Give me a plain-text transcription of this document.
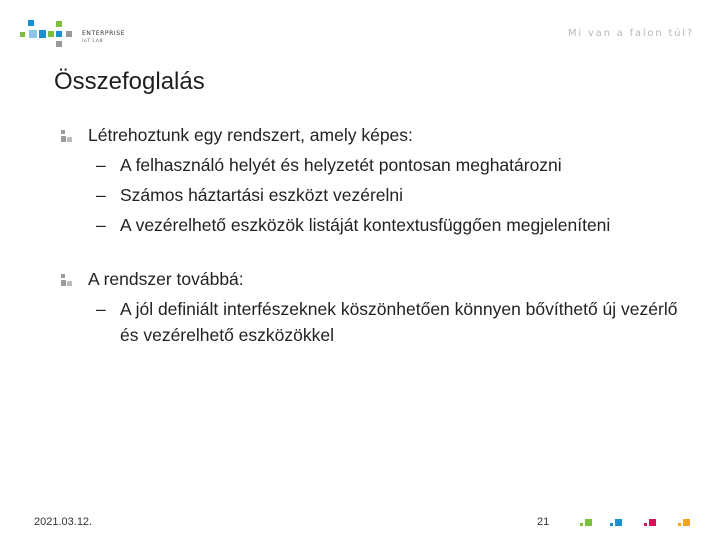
ENTERPRISE
IoT LAB
Mi van a falon túl?
Összefoglalás
Létrehoztunk egy rendszert, amely képes:
– A felhasználó helyét és helyzetét pontosan meghatározni
– Számos háztartási eszközt vezérelni
– A vezérelhető eszközök listáját kontextusfüggően megjeleníteni
A rendszer továbbá:
– A jól definiált interfészeknek köszönhetően könnyen bővíthető új vezérlő és vezérelhető eszközökkel
2021.03.12.	21
